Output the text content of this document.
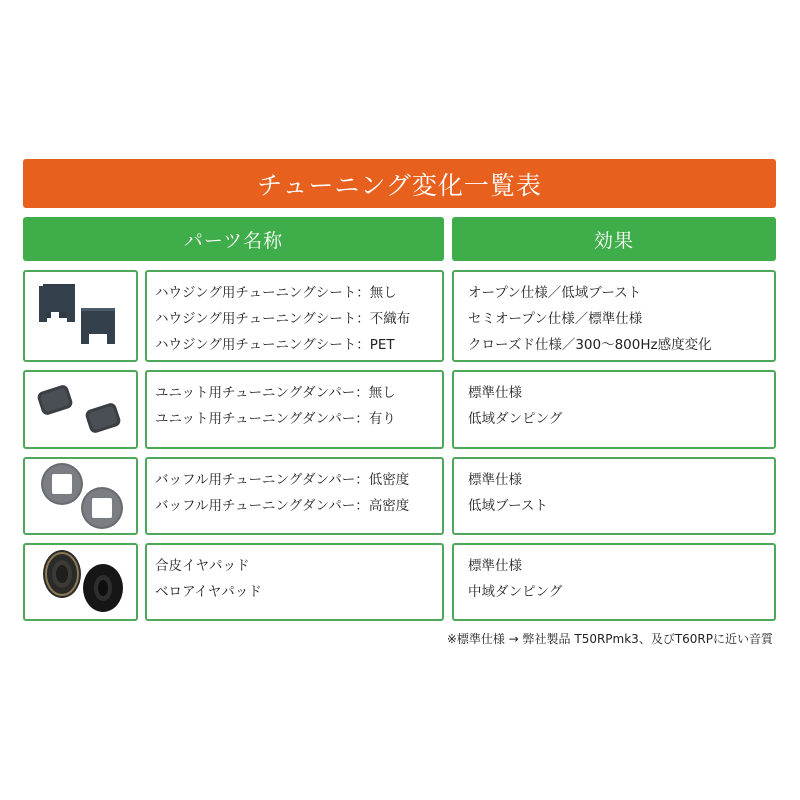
チューニング変化一覧表
パーツ名称	効果
ハウジング用チューニングシート：無し
ハウジング用チューニングシート：不織布
ハウジング用チューニングシート：PET
オープン仕様／低域ブースト
セミオープン仕様／標準仕様
クローズド仕様／300～800Hz感度変化
ユニット用チューニングダンパー：無し
ユニット用チューニングダンパー：有り
標準仕様
低域ダンピング
バッフル用チューニングダンパー：低密度
バッフル用チューニングダンパー：高密度
標準仕様
低域ブースト
合皮イヤパッド
ベロアイヤパッド
標準仕様
中域ダンピング
※標準仕様 → 弊社製品 T50RPmk3、及びT60RPに近い音質
